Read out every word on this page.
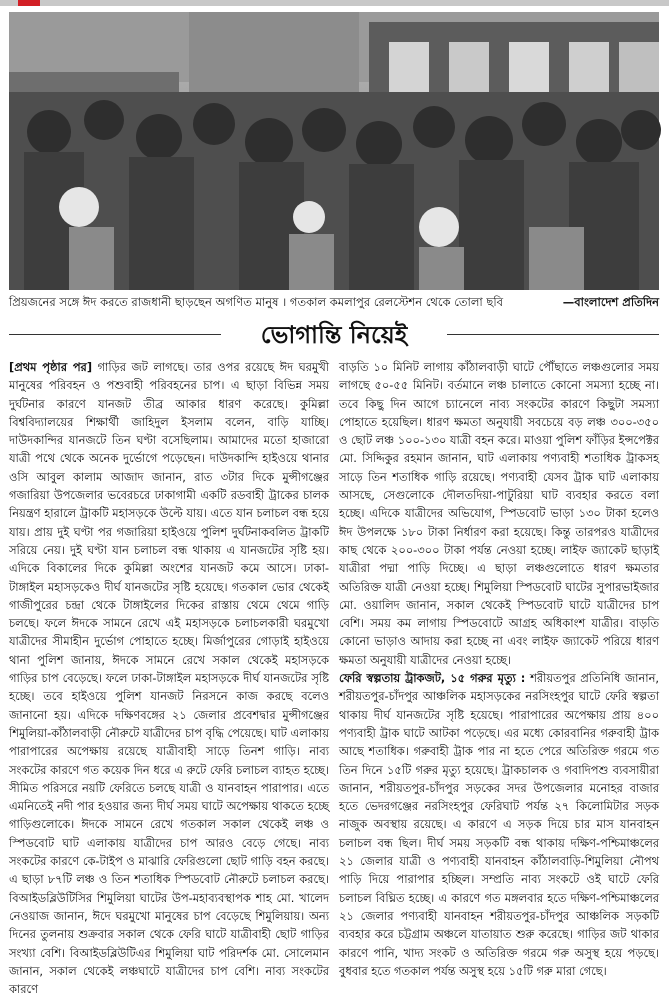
প্রিয়জনের সঙ্গে ঈদ করতে রাজধানী ছাড়ছেন অগণিত মানুষ । গতকাল কমলাপুর রেলস্টেশন থেকে তোলা ছবি	—বাংলাদেশ প্রতিদিন
ভোগান্তি নিয়েই

[প্রথম পৃষ্ঠার পর] গাড়ির জট লাগছে। তার ওপর রয়েছে ঈদ ঘরমুখী মানুষের পরিবহন ও পশুবাহী পরিবহনের চাপ। এ ছাড়া বিভিন্ন সময় দুর্ঘটনার কারণে যানজট তীব্র আকার ধারণ করেছে। কুমিল্লা বিশ্ববিদ্যালয়ের শিক্ষার্থী জাহিদুল ইসলাম বলেন, বাড়ি যাচ্ছি। দাউদকান্দির যানজটে তিন ঘণ্টা বসেছিলাম। আমাদের মতো হাজারো যাত্রী পথে থেকে অনেক দুর্ভোগে পড়েছেন। দাউদকান্দি হাইওয়ে থানার ওসি আবুল কালাম আজাদ জানান, রাত ৩টার দিকে মুন্সীগঞ্জের গজারিয়া উপজেলার ভবেরচরে ঢাকাগামী একটি রডবাহী ট্রাকের চালক নিয়ন্ত্রণ হারালে ট্রাকটি মহাসড়কে উল্টে যায়। এতে যান চলাচল বন্ধ হয়ে যায়। প্রায় দুই ঘণ্টা পর গজারিয়া হাইওয়ে পুলিশ দুর্ঘটনাকবলিত ট্রাকটি সরিয়ে নেয়। দুই ঘণ্টা যান চলাচল বন্ধ থাকায় এ যানজটের সৃষ্টি হয়। এদিকে বিকালের দিকে কুমিল্লা অংশের যানজট কমে আসে। ঢাকা-টাঙ্গাইল মহাসড়কেও দীর্ঘ যানজটের সৃষ্টি হয়েছে। গতকাল ভোর থেকেই গাজীপুরের চন্দ্রা থেকে টাঙ্গাইলের দিকের রাস্তায় থেমে থেমে গাড়ি চলছে। ফলে ঈদকে সামনে রেখে এই মহাসড়কে চলাচলকারী ঘরমুখো যাত্রীদের সীমাহীন দুর্ভোগ পোহাতে হচ্ছে। মির্জাপুরের গোড়াই হাইওয়ে থানা পুলিশ জানায়, ঈদকে সামনে রেখে সকাল থেকেই মহাসড়কে গাড়ির চাপ বেড়েছে। ফলে ঢাকা-টাঙ্গাইল মহাসড়কে দীর্ঘ যানজটের সৃষ্টি হচ্ছে। তবে হাইওয়ে পুলিশ যানজট নিরসনে কাজ করছে বলেও জানানো হয়। এদিকে দক্ষিণবঙ্গের ২১ জেলার প্রবেশদ্বার মুন্সীগঞ্জের শিমুলিয়া-কাঁঠালবাড়ী নৌরুটে যাত্রীদের চাপ বৃদ্ধি পেয়েছে। ঘাট এলাকায় পারাপারের অপেক্ষায় রয়েছে যাত্রীবাহী সাড়ে তিনশ গাড়ি। নাব্য সংকটের কারণে গত কয়েক দিন ধরে এ রুটে ফেরি চলাচল ব্যাহত হচ্ছে। সীমিত পরিসরে নয়টি ফেরিতে চলছে যাত্রী ও যানবাহন পারাপার। এতে এমনিতেই নদী পার হওয়ার জন্য দীর্ঘ সময় ঘাটে অপেক্ষায় থাকতে হচ্ছে গাড়িগুলোকে। ঈদকে সামনে রেখে গতকাল সকাল থেকেই লঞ্চ ও স্পিডবোট ঘাট এলাকায় যাত্রীদের চাপ আরও বেড়ে গেছে। নাব্য সংকটের কারণে কে-টাইপ ও মাঝারি ফেরিগুলো ছোট গাড়ি বহন করছে। এ ছাড়া ৮৭টি লঞ্চ ও তিন শতাধিক স্পিডবোট নৌরুটে চলাচল করছে। বিআইডব্লিউটিসির শিমুলিয়া ঘাটের উপ-মহাব্যবস্থাপক শাহ মো. খালেদ নেওয়াজ জানান, ঈদে ঘরমুখো মানুষের চাপ বেড়েছে শিমুলিয়ায়। অন্য দিনের তুলনায় শুক্রবার সকাল থেকে ফেরি ঘাটে যাত্রীবাহী ছোট গাড়ির সংখ্যা বেশি। বিআইডব্লিউটিএর শিমুলিয়া ঘাট পরিদর্শক মো. সোলেমান জানান, সকাল থেকেই লঞ্চঘাটে যাত্রীদের চাপ বেশি। নাব্য সংকটের কারণে

বাড়তি ১০ মিনিট লাগায় কাঁঠালবাড়ী ঘাটে পৌঁছাতে লঞ্চগুলোর সময় লাগছে ৫০-৫৫ মিনিট। বর্তমানে লঞ্চ চালাতে কোনো সমস্যা হচ্ছে না। তবে কিছু দিন আগে চ্যানেলে নাব্য সংকটের কারণে কিছুটা সমস্যা পোহাতে হয়েছিল। ধারণ ক্ষমতা অনুযায়ী সবচেয়ে বড় লঞ্চ ৩০০-৩৫০ ও ছোট লঞ্চ ১০০-১৩০ যাত্রী বহন করে। মাওয়া পুলিশ ফাঁড়ির ইন্সপেক্টর মো. সিদ্দিকুর রহমান জানান, ঘাট এলাকায় পণ্যবাহী শতাধিক ট্রাকসহ সাড়ে তিন শতাধিক গাড়ি রয়েছে। পণ্যবাহী যেসব ট্রাক ঘাট এলাকায় আসছে, সেগুলোকে দৌলতদিয়া-পাটুরিয়া ঘাট ব্যবহার করতে বলা হচ্ছে। এদিকে যাত্রীদের অভিযোগ, স্পিডবোট ভাড়া ১৩০ টাকা হলেও ঈদ উপলক্ষে ১৮০ টাকা নির্ধারণ করা হয়েছে। কিন্তু তারপরও যাত্রীদের কাছ থেকে ২০০-৩০০ টাকা পর্যন্ত নেওয়া হচ্ছে। লাইফ জ্যাকেট ছাড়াই যাত্রীরা পদ্মা পাড়ি দিচ্ছে। এ ছাড়া লঞ্চগুলোতে ধারণ ক্ষমতার অতিরিক্ত যাত্রী নেওয়া হচ্ছে। শিমুলিয়া স্পিডবোট ঘাটের সুপারভাইজার মো. ওয়ালিদ জানান, সকাল থেকেই স্পিডবোট ঘাটে যাত্রীদের চাপ বেশি। সময় কম লাগায় স্পিডবোটে আগ্রহ অধিকাংশ যাত্রীর। বাড়তি কোনো ভাড়াও আদায় করা হচ্ছে না এবং লাইফ জ্যাকেট পরিয়ে ধারণ ক্ষমতা অনুযায়ী যাত্রীদের নেওয়া হচ্ছে।

ফেরি স্বল্পতায় ট্রাকজট, ১৫ গরুর মৃত্যু : শরীয়তপুর প্রতিনিধি জানান, শরীয়তপুর-চাঁদপুর আঞ্চলিক মহাসড়কের নরসিংহপুর ঘাটে ফেরি স্বল্পতা থাকায় দীর্ঘ যানজটের সৃষ্টি হয়েছে। পারাপারের অপেক্ষায় প্রায় ৪০০ পণ্যবাহী ট্রাক ঘাটে আটকা পড়েছে। এর মধ্যে কোরবানির গরুবাহী ট্রাক আছে শতাধিক। গরুবাহী ট্রাক পার না হতে পেরে অতিরিক্ত গরমে গত তিন দিনে ১৫টি গরুর মৃত্যু হয়েছে। ট্রাকচালক ও গবাদিপশু ব্যবসায়ীরা জানান, শরীয়তপুর-চাঁদপুর সড়কের সদর উপজেলার মনোহর বাজার হতে ভেদরগঞ্জের নরসিংহপুর ফেরিঘাট পর্যন্ত ২৭ কিলোমিটার সড়ক নাজুক অবস্থায় রয়েছে। এ কারণে এ সড়ক দিয়ে চার মাস যানবাহন চলাচল বন্ধ ছিল। দীর্ঘ সময় সড়কটি বন্ধ থাকায় দক্ষিণ-পশ্চিমাঞ্চলের ২১ জেলার যাত্রী ও পণ্যবাহী যানবাহন কাঁঠালবাড়ি-শিমুলিয়া নৌপথ পাড়ি দিয়ে পারাপার হচ্ছিল। সম্প্রতি নাব্য সংকটে ওই ঘাটে ফেরি চলাচল বিঘ্নিত হচ্ছে। এ কারণে গত মঙ্গলবার হতে দক্ষিণ-পশ্চিমাঞ্চলের ২১ জেলার পণ্যবাহী যানবাহন শরীয়তপুর-চাঁদপুর আঞ্চলিক সড়কটি ব্যবহার করে চট্টগ্রাম অঞ্চলে যাতায়াত শুরু করেছে। গাড়ির জট থাকার কারণে পানি, খাদ্য সংকট ও অতিরিক্ত গরমে গরু অসুস্থ হয়ে পড়ছে। বুধবার হতে গতকাল পর্যন্ত অসুস্থ হয়ে ১৫টি গরু মারা গেছে।
